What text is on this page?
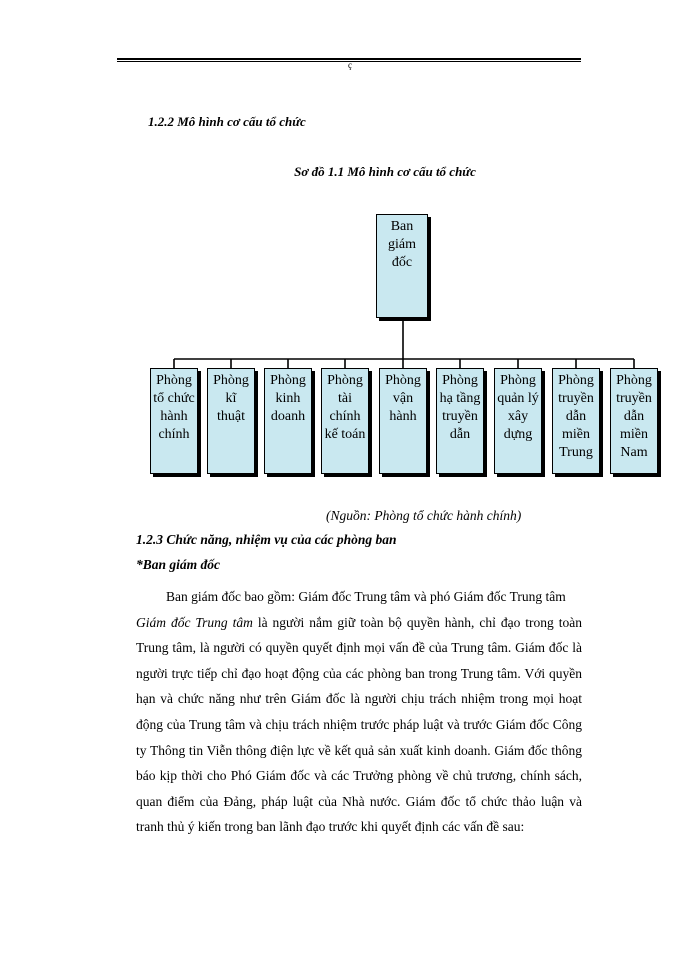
ç
1.2.2 Mô hình cơ cấu tổ chức
Sơ đồ 1.1 Mô hình cơ cấu tổ chức
Ban
giám
đốc
Phòng
tổ chức
hành
chính
Phòng
kĩ
thuật
Phòng
kinh
doanh
Phòng
tài
chính
kế toán
Phòng
vận
hành
Phòng
hạ tầng
truyền
dẫn
Phòng
quản lý
xây
dựng
Phòng
truyền
dẫn
miền
Trung
Phòng
truyền
dẫn
miền
Nam
(Nguồn: Phòng tổ chức hành chính)
1.2.3 Chức năng, nhiệm vụ của các phòng ban
*Ban giám đốc

Ban giám đốc bao gồm: Giám đốc Trung tâm và phó Giám đốc Trung tâm

Giám đốc Trung tâm là người nắm giữ toàn bộ quyền hành, chỉ đạo trong toàn Trung tâm, là người có quyền quyết định mọi vấn đề của Trung tâm. Giám đốc là người trực tiếp chỉ đạo hoạt động của các phòng ban trong Trung tâm. Với quyền hạn và chức năng như trên Giám đốc là người chịu trách nhiệm trong mọi hoạt động của Trung tâm và chịu trách nhiệm trước pháp luật và trước Giám đốc Công ty Thông tin Viễn thông điện lực về kết quả sản xuất kinh doanh. Giám đốc thông báo kịp thời cho Phó Giám đốc và các Trưởng phòng về chủ trương, chính sách, quan điểm của Đảng, pháp luật của Nhà nước. Giám đốc tổ chức thảo luận và tranh thủ ý kiến trong ban lãnh đạo trước khi quyết định các vấn đề sau:
